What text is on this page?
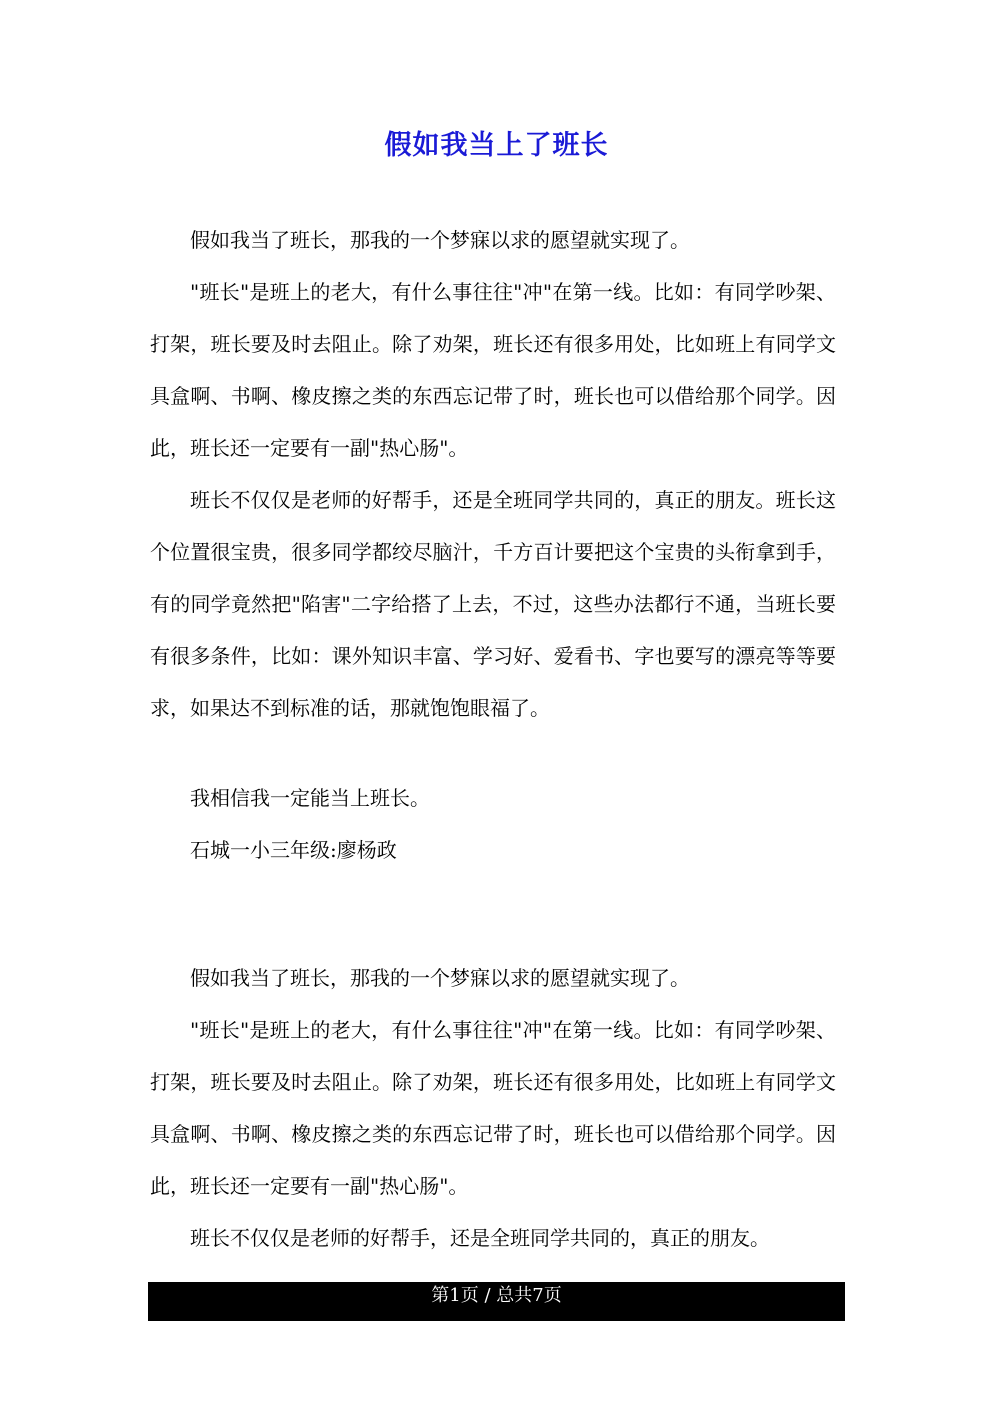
假如我当上了班长

假如我当了班长，那我的一个梦寐以求的愿望就实现了。

"班长"是班上的老大，有什么事往往"冲"在第一线。比如：有同学吵架、打架，班长要及时去阻止。除了劝架，班长还有很多用处，比如班上有同学文具盒啊、书啊、橡皮擦之类的东西忘记带了时，班长也可以借给那个同学。因此，班长还一定要有一副"热心肠"。

班长不仅仅是老师的好帮手，还是全班同学共同的，真正的朋友。班长这个位置很宝贵，很多同学都绞尽脑汁，千方百计要把这个宝贵的头衔拿到手，有的同学竟然把"陷害"二字给搭了上去，不过，这些办法都行不通，当班长要有很多条件，比如：课外知识丰富、学习好、爱看书、字也要写的漂亮等等要求，如果达不到标准的话，那就饱饱眼福了。

我相信我一定能当上班长。

石城一小三年级:廖杨政

假如我当了班长，那我的一个梦寐以求的愿望就实现了。

"班长"是班上的老大，有什么事往往"冲"在第一线。比如：有同学吵架、打架，班长要及时去阻止。除了劝架，班长还有很多用处，比如班上有同学文具盒啊、书啊、橡皮擦之类的东西忘记带了时，班长也可以借给那个同学。因此，班长还一定要有一副"热心肠"。

班长不仅仅是老师的好帮手，还是全班同学共同的，真正的朋友。

第1页 / 总共7页
